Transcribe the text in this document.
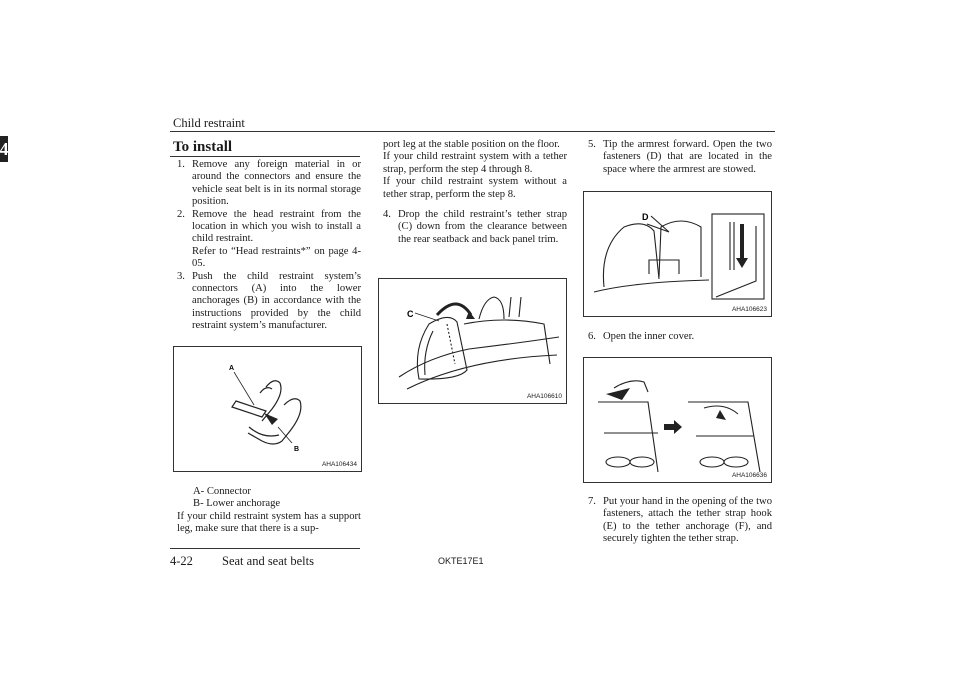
Child restraint
4	To install
1. Remove any foreign material in or around the connectors and ensure the vehicle seat belt is in its normal storage position.
2. Remove the head restraint from the location in which you wish to install a child restraint.
Refer to “Head restraints*” on page 4-05.
3. Push the child restraint system’s connectors (A) into the lower anchorages (B) in accordance with the instructions provided by the child restraint system’s manufacturer.
A
B
AHA106434

A- Connector

B- Lower anchorage

If your child restraint system has a support leg, make sure that there is a sup-

port leg at the stable position on the floor.

If your child restraint system with a tether strap, perform the step 4 through 8.

If your child restraint system without a tether strap, perform the step 8.

4. Drop the child restraint’s tether strap (C) down from the clearance between the rear seatback and back panel trim.
C
AHA106610
5. Tip the armrest forward. Open the two fasteners (D) that are located in the space where the armrest are stowed.
D
AHA106623
6. Open the inner cover.
AHA106636
7. Put your hand in the opening of the two fasteners, attach the tether strap hook (E) to the tether anchorage (F), and securely tighten the tether strap.
4-22 Seat and seat belts	OKTE17E1
